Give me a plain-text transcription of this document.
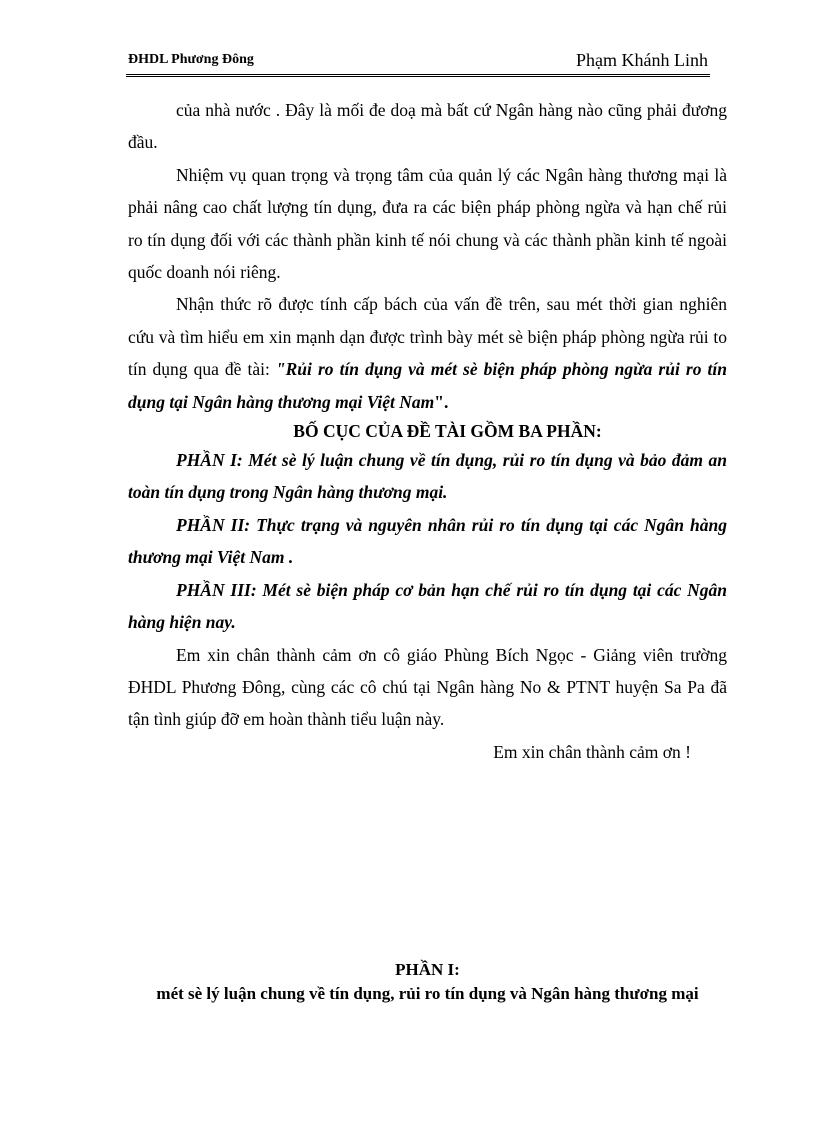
ĐHDL Phương Đông	Phạm Khánh Linh

của nhà nước . Đây là mối đe doạ mà bất cứ Ngân hàng nào cũng phải đương đầu.

Nhiệm vụ quan trọng và trọng tâm của quản lý các Ngân hàng thương mại là phải nâng cao chất lượng tín dụng, đưa ra các biện pháp phòng ngừa và hạn chế rủi ro tín dụng đối với các thành phần kinh tế nói chung và các thành phần kinh tế ngoài quốc doanh nói riêng.

Nhận thức rõ được tính cấp bách của vấn đề trên, sau mét thời gian nghiên cứu và tìm hiểu em xin mạnh dạn được trình bày mét sè biện pháp phòng ngừa rủi to tín dụng qua đề tài: "Rủi ro tín dụng và mét sè biện pháp phòng ngừa rủi ro tín dụng tại Ngân hàng thương mại Việt Nam".

BỐ CỤC CỦA ĐỀ TÀI GỒM BA PHẦN:

PHẦN I: Mét sè lý luận chung về tín dụng, rủi ro tín dụng và bảo đảm an toàn tín dụng trong Ngân hàng thương mại.

PHẦN II: Thực trạng và nguyên nhân rủi ro tín dụng tại các Ngân hàng thương mại Việt Nam .

PHẦN III: Mét sè biện pháp cơ bản hạn chế rủi ro tín dụng tại các Ngân hàng hiện nay.

Em xin chân thành cảm ơn cô giáo Phùng Bích Ngọc - Giảng viên trường ĐHDL Phương Đông, cùng các cô chú tại Ngân hàng No & PTNT huyện Sa Pa đã tận tình giúp đỡ em hoàn thành tiểu luận này.

Em xin chân thành cảm ơn !

PHẦN I:
mét sè lý luận chung về tín dụng, rủi ro tín dụng và Ngân hàng thương mại
